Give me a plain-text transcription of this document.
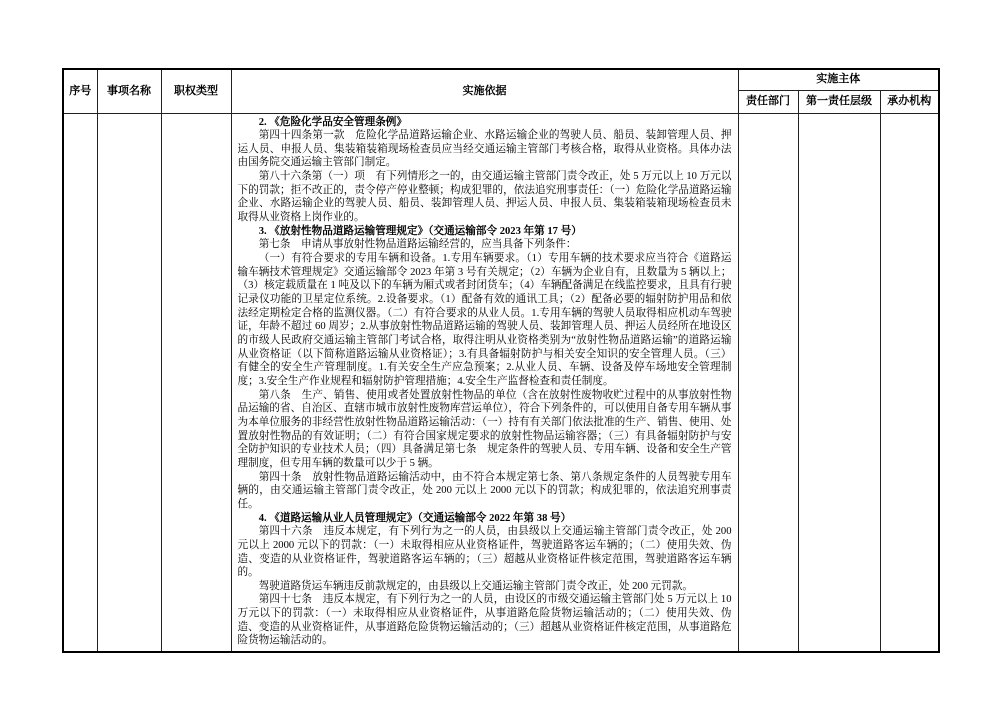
序号	事项名称	职权类型	实施依据	实施主体		
				责任部门	第一责任层级	承办机构

2. 《危险化学品安全管理条例》

第四十四条第一款　危险化学品道路运输企业、水路运输企业的驾驶人员、船员、装卸管理人员、押运人员、申报人员、集装箱装箱现场检查员应当经交通运输主管部门考核合格，取得从业资格。具体办法由国务院交通运输主管部门制定。

第八十六条第（一）项　有下列情形之一的，由交通运输主管部门责令改正，处 5 万元以上 10 万元以下的罚款；拒不改正的，责令停产停业整顿；构成犯罪的，依法追究刑事责任：（一）危险化学品道路运输企业、水路运输企业的驾驶人员、船员、装卸管理人员、押运人员、申报人员、集装箱装箱现场检查员未取得从业资格上岗作业的。

3. 《放射性物品道路运输管理规定》（交通运输部令 2023 年第 17 号）

第七条　申请从事放射性物品道路运输经营的，应当具备下列条件：

（一）有符合要求的专用车辆和设备。1.专用车辆要求。（1）专用车辆的技术要求应当符合《道路运输车辆技术管理规定》交通运输部令 2023 年第 3 号有关规定；（2）车辆为企业自有，且数量为 5 辆以上；（3）核定载质量在 1 吨及以下的车辆为厢式或者封闭货车；（4）车辆配备满足在线监控要求，且具有行驶记录仪功能的卫星定位系统。2.设备要求。（1）配备有效的通讯工具；（2）配备必要的辐射防护用品和依法经定期检定合格的监测仪器。（二）有符合要求的从业人员。1.专用车辆的驾驶人员取得相应机动车驾驶证，年龄不超过 60 周岁；2.从事放射性物品道路运输的驾驶人员、装卸管理人员、押运人员经所在地设区的市级人民政府交通运输主管部门考试合格，取得注明从业资格类别为“放射性物品道路运输”的道路运输从业资格证（以下简称道路运输从业资格证）；3.有具备辐射防护与相关安全知识的安全管理人员。（三）有健全的安全生产管理制度。1.有关安全生产应急预案；2.从业人员、车辆、设备及停车场地安全管理制度；3.安全生产作业规程和辐射防护管理措施；4.安全生产监督检查和责任制度。

第八条　生产、销售、使用或者处置放射性物品的单位（含在放射性废物收贮过程中的从事放射性物品运输的省、自治区、直辖市城市放射性废物库营运单位），符合下列条件的，可以使用自备专用车辆从事为本单位服务的非经营性放射性物品道路运输活动：（一）持有有关部门依法批准的生产、销售、使用、处置放射性物品的有效证明；（二）有符合国家规定要求的放射性物品运输容器；（三）有具备辐射防护与安全防护知识的专业技术人员；（四）具备满足第七条　规定条件的驾驶人员、专用车辆、设备和安全生产管理制度，但专用车辆的数量可以少于 5 辆。

第四十条　放射性物品道路运输活动中，由不符合本规定第七条、第八条规定条件的人员驾驶专用车辆的，由交通运输主管部门责令改正，处 200 元以上 2000 元以下的罚款；构成犯罪的，依法追究刑事责任。

4. 《道路运输从业人员管理规定》（交通运输部令 2022 年第 38 号）

第四十六条　违反本规定，有下列行为之一的人员，由县级以上交通运输主管部门责令改正，处 200 元以上 2000 元以下的罚款：（一）未取得相应从业资格证件，驾驶道路客运车辆的；（二）使用失效、伪造、变造的从业资格证件，驾驶道路客运车辆的；（三）超越从业资格证件核定范围，驾驶道路客运车辆的。

驾驶道路货运车辆违反前款规定的，由县级以上交通运输主管部门责令改正，处 200 元罚款。

第四十七条　违反本规定，有下列行为之一的人员，由设区的市级交通运输主管部门处 5 万元以上 10 万元以下的罚款：（一）未取得相应从业资格证件，从事道路危险货物运输活动的；（二）使用失效、伪造、变造的从业资格证件，从事道路危险货物运输活动的；（三）超越从业资格证件核定范围，从事道路危险货物运输活动的。
